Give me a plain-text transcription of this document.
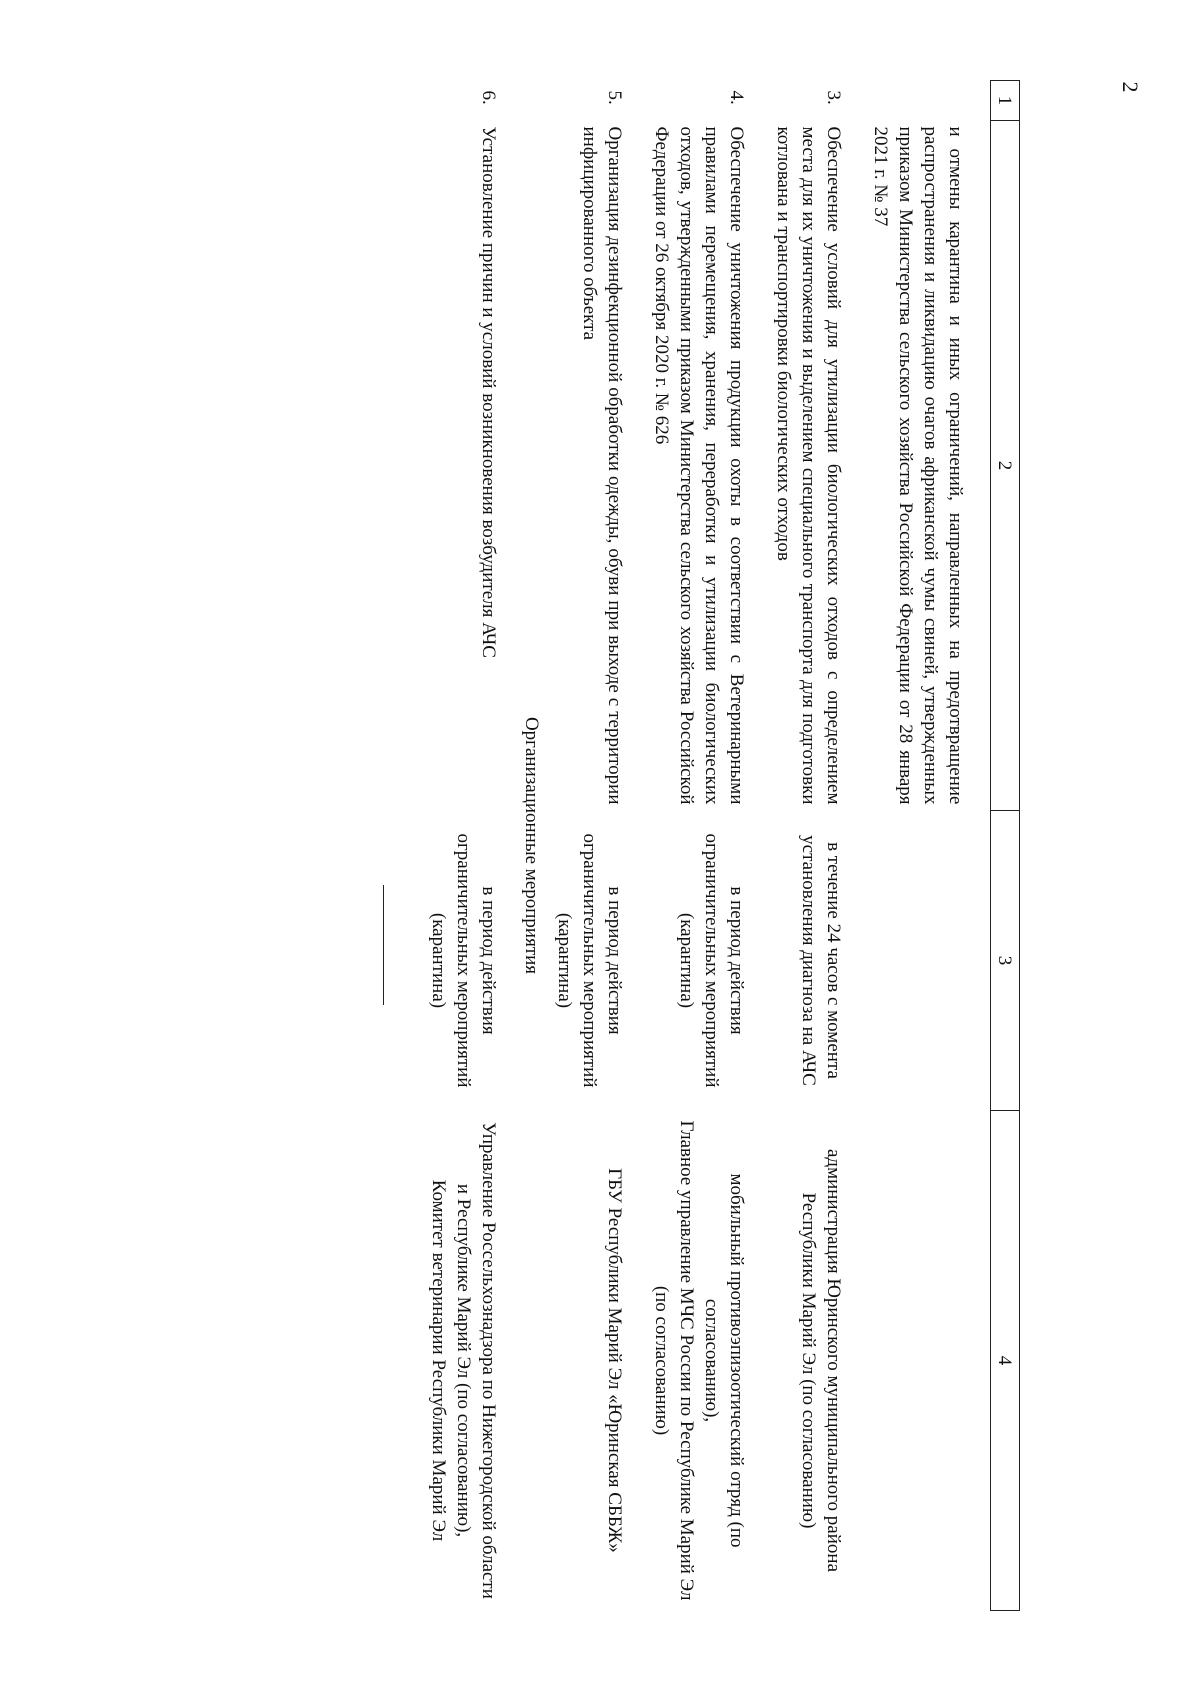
2
1	2	3	4

	и отмены карантина и иных ограничений, направленных на предотвращение распространения и ликвидацию очагов африканской чумы свиней, утвержденных приказом Министерства сельского хозяйства Российской Федерации от 28 января 2021 г. № 37		

3.	Обеспечение условий для утилизации биологических отходов с определением места для их уничтожения и выделением специального транспорта для подготовки котлована и транспортировки биологических отходов	в течение 24 часов с момента установления диагноза на АЧС	администрация Юринского муниципального района Республики Марий Эл (по согласованию)

4.	Обеспечение уничтожения продукции охоты в соответствии с Ветеринарными правилами перемещения, хранения, переработки и утилизации биологических отходов, утвержденными приказом Министерства сельского хозяйства Российской Федерации от 26 октября 2020 г. № 626	в период действия ограничительных мероприятий (карантина)	мобильный противоэпизоотический отряд (по согласованию),
Главное управление МЧС России по Республике Марий Эл (по согласованию)

5.	Организация дезинфекционной обработки одежды, обуви при выходе с территории инфицированного объекта	в период действия ограничительных мероприятий (карантина)	ГБУ Республики Марий Эл «Юринская СББЖ»

Организационные мероприятия			
6.	Установление причин и условий возникновения возбудителя АЧС	в период действия ограничительных мероприятий (карантина)	Управление Россельхознадзора по Нижегородской области и Республике Марий Эл (по согласованию),
Комитет ветеринарии Республики Марий Эл
